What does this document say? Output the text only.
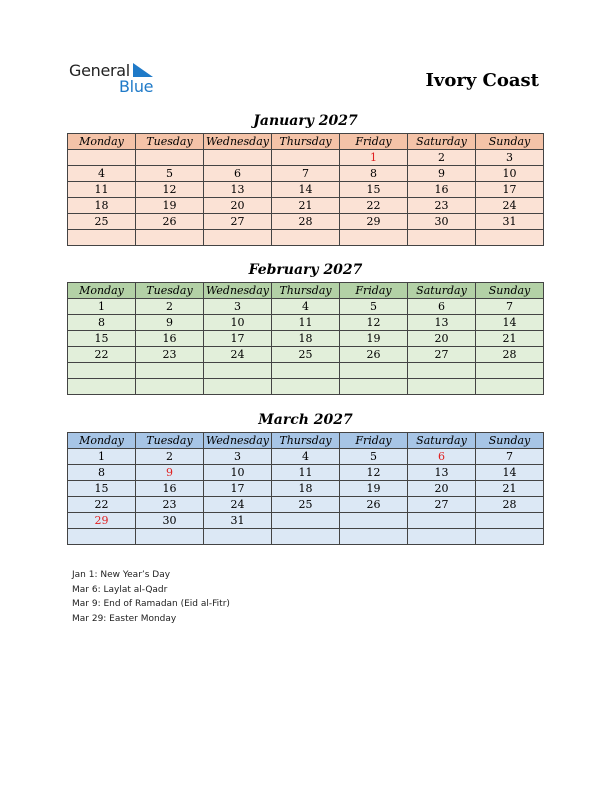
General
Blue	Ivory Coast
January 2027
Monday	Tuesday	Wednesday	Thursday	Friday	Saturday	Sunday
				1	2	3
4	5	6	7	8	9	10
11	12	13	14	15	16	17
18	19	20	21	22	23	24
25	26	27	28	29	30	31

February 2027
Monday	Tuesday	Wednesday	Thursday	Friday	Saturday	Sunday
1	2	3	4	5	6	7
8	9	10	11	12	13	14
15	16	17	18	19	20	21
22	23	24	25	26	27	28

March 2027
Monday	Tuesday	Wednesday	Thursday	Friday	Saturday	Sunday
1	2	3	4	5	6	7
8	9	10	11	12	13	14
15	16	17	18	19	20	21
22	23	24	25	26	27	28
29	30	31				

Jan 1: New Year’s Day
Mar 6: Laylat al-Qadr
Mar 9: End of Ramadan (Eid al-Fitr)
Mar 29: Easter Monday
